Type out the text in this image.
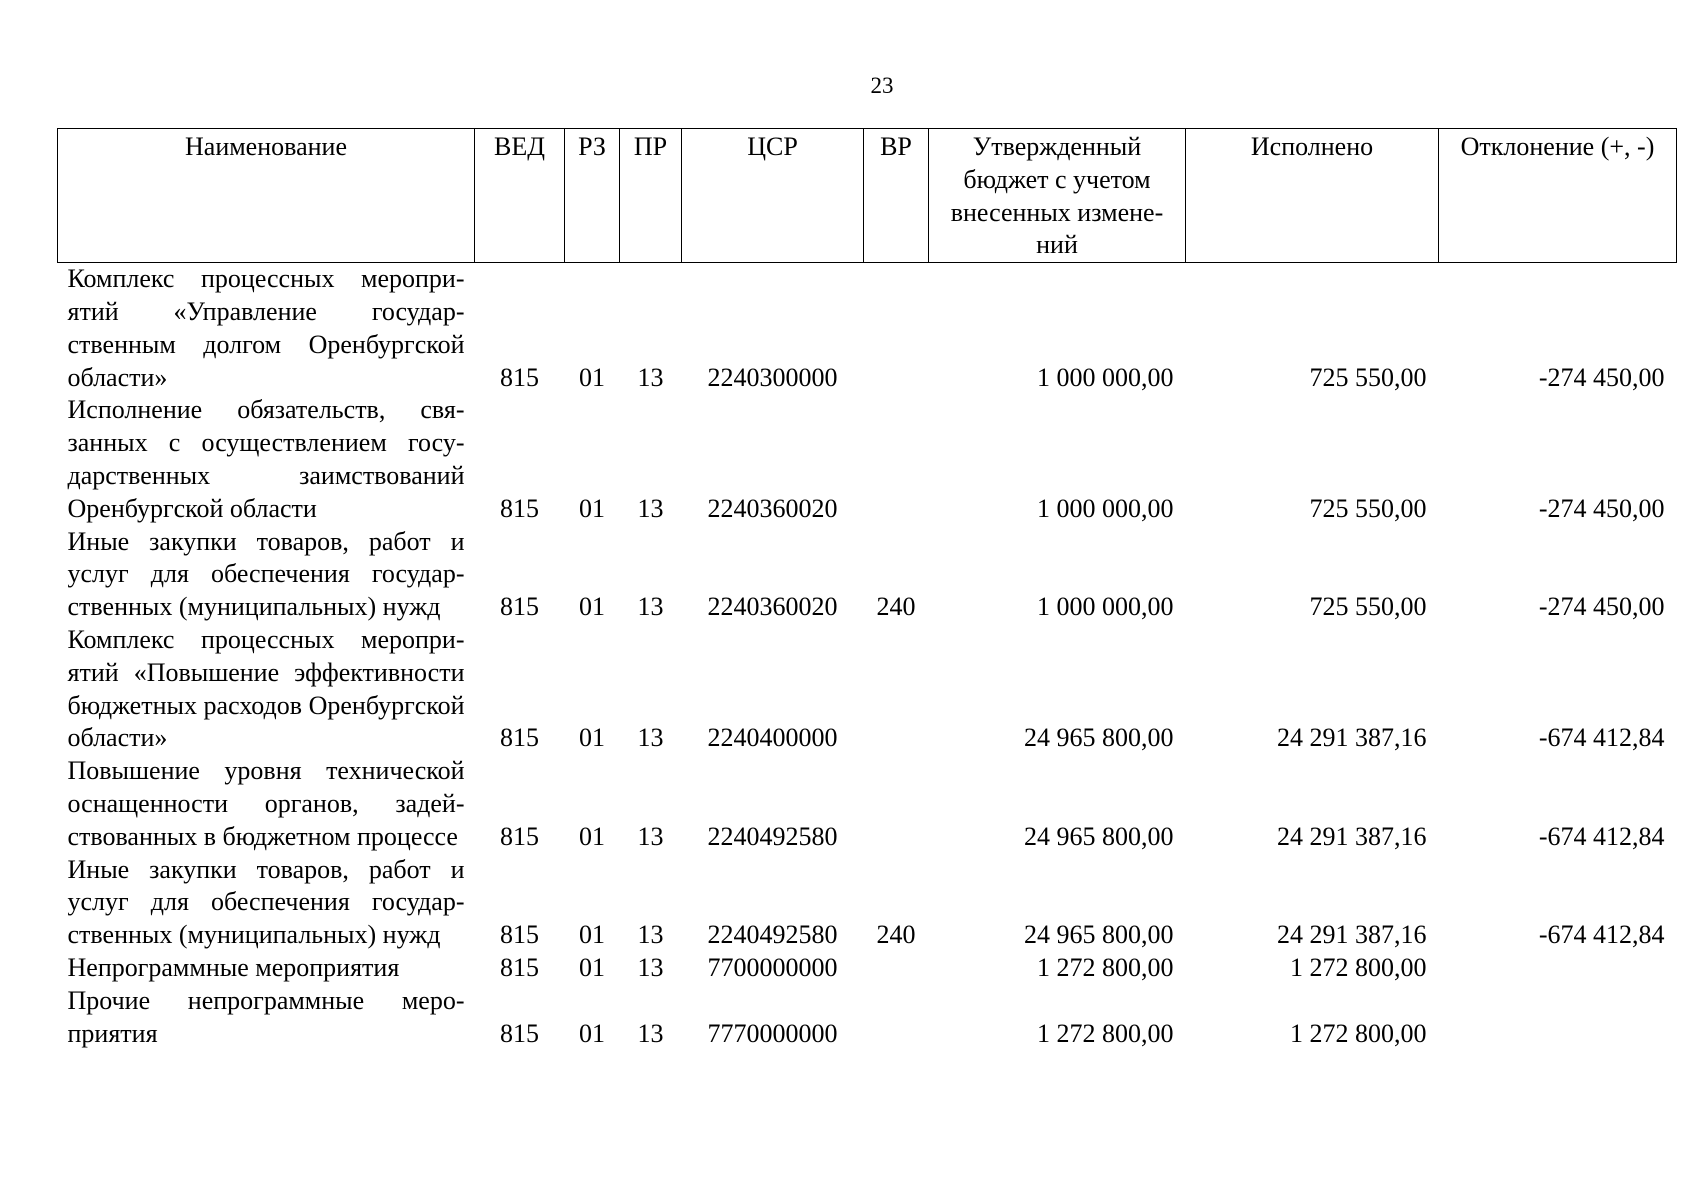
23
Наименование	ВЕД	РЗ	ПР	ЦСР	ВР	Утвержденный бюджет с учетом внесенных изменений	Исполнено	Отклонение (+, -)
Комплекс процессных мероприятий «Управление государственным долгом Оренбургской области»	815	01	13	2240300000		1 000 000,00	725 550,00	-274 450,00
Исполнение обязательств, связанных с осуществлением государственных заимствований Оренбургской области	815	01	13	2240360020		1 000 000,00	725 550,00	-274 450,00
Иные закупки товаров, работ и услуг для обеспечения государственных (муниципальных) нужд	815	01	13	2240360020	240	1 000 000,00	725 550,00	-274 450,00
Комплекс процессных мероприятий «Повышение эффективности бюджетных расходов Оренбургской области»	815	01	13	2240400000		24 965 800,00	24 291 387,16	-674 412,84
Повышение уровня технической оснащенности органов, задействованных в бюджетном процессе	815	01	13	2240492580		24 965 800,00	24 291 387,16	-674 412,84
Иные закупки товаров, работ и услуг для обеспечения государственных (муниципальных) нужд	815	01	13	2240492580	240	24 965 800,00	24 291 387,16	-674 412,84
Непрограммные мероприятия	815	01	13	7700000000		1 272 800,00	1 272 800,00	
Прочие непрограммные мероприятия	815	01	13	7770000000		1 272 800,00	1 272 800,00	
